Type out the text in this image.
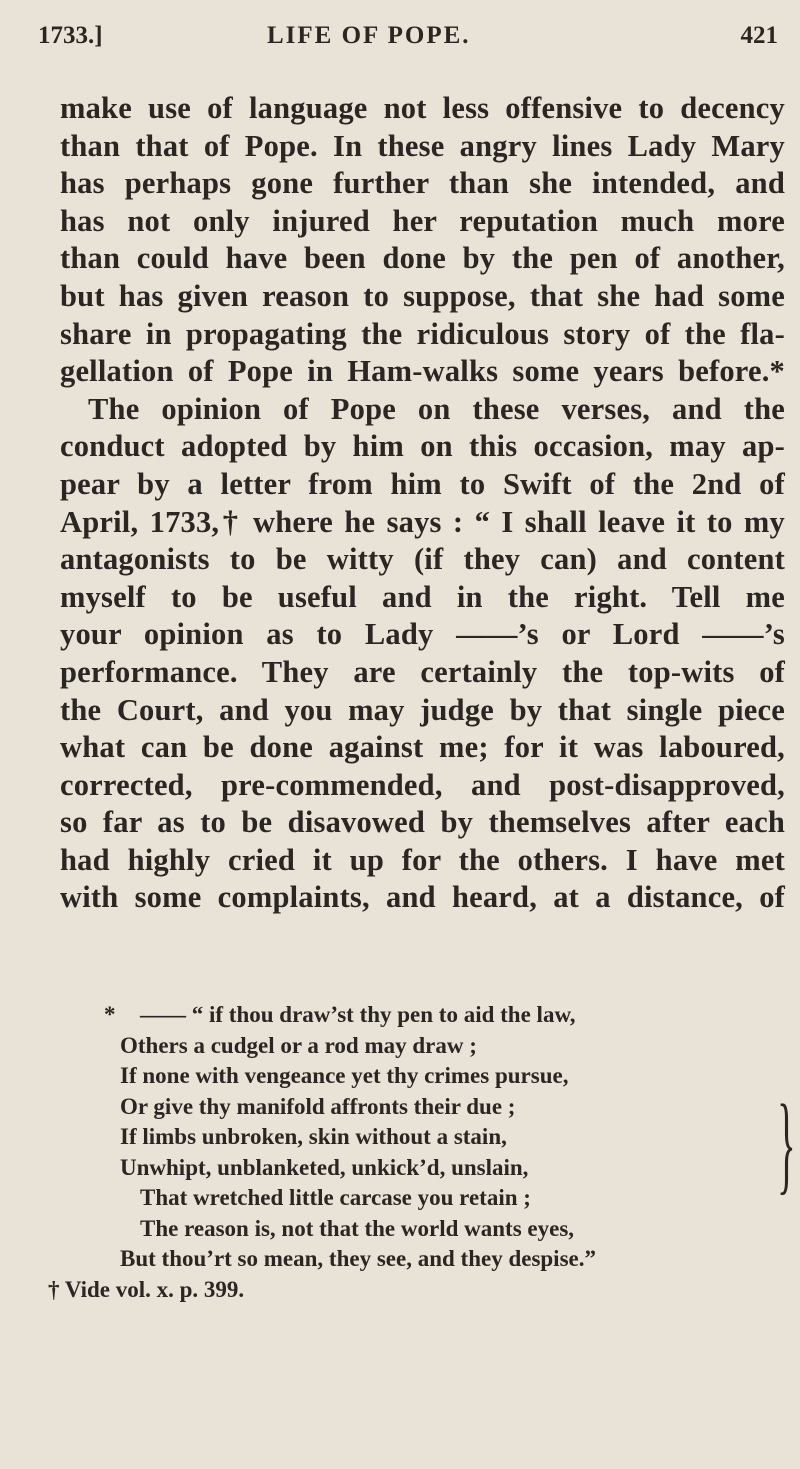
1733.]	LIFE OF POPE.	421
make use of language not less offensive to decency
than that of Pope. In these angry lines Lady Mary
has perhaps gone further than she intended, and
has not only injured her reputation much more
than could have been done by the pen of another,
but has given reason to suppose, that she had some
share in propagating the ridiculous story of the fla-
gellation of Pope in Ham-walks some years before.*
The opinion of Pope on these verses, and the
conduct adopted by him on this occasion, may ap-
pear by a letter from him to Swift of the 2nd of
April, 1733,† where he says : “ I shall leave it to my
antagonists to be witty (if they can) and content
myself to be useful and in the right. Tell me
your opinion as to Lady ——’s or Lord ——’s
performance. They are certainly the top-wits of
the Court, and you may judge by that single piece
what can be done against me; for it was laboured,
corrected, pre-commended, and post-disapproved,
so far as to be disavowed by themselves after each
had highly cried it up for the others. I have met
with some complaints, and heard, at a distance, of
*	—— “ if thou draw’st thy pen to aid the law,
Others a cudgel or a rod may draw ;
If none with vengeance yet thy crimes pursue,
Or give thy manifold affronts their due ;
If limbs unbroken, skin without a stain,
Unwhipt, unblanketed, unkick’d, unslain,
That wretched little carcase you retain ;
The reason is, not that the world wants eyes,
But thou’rt so mean, they see, and they despise.”
}
† Vide vol. x. p. 399.
